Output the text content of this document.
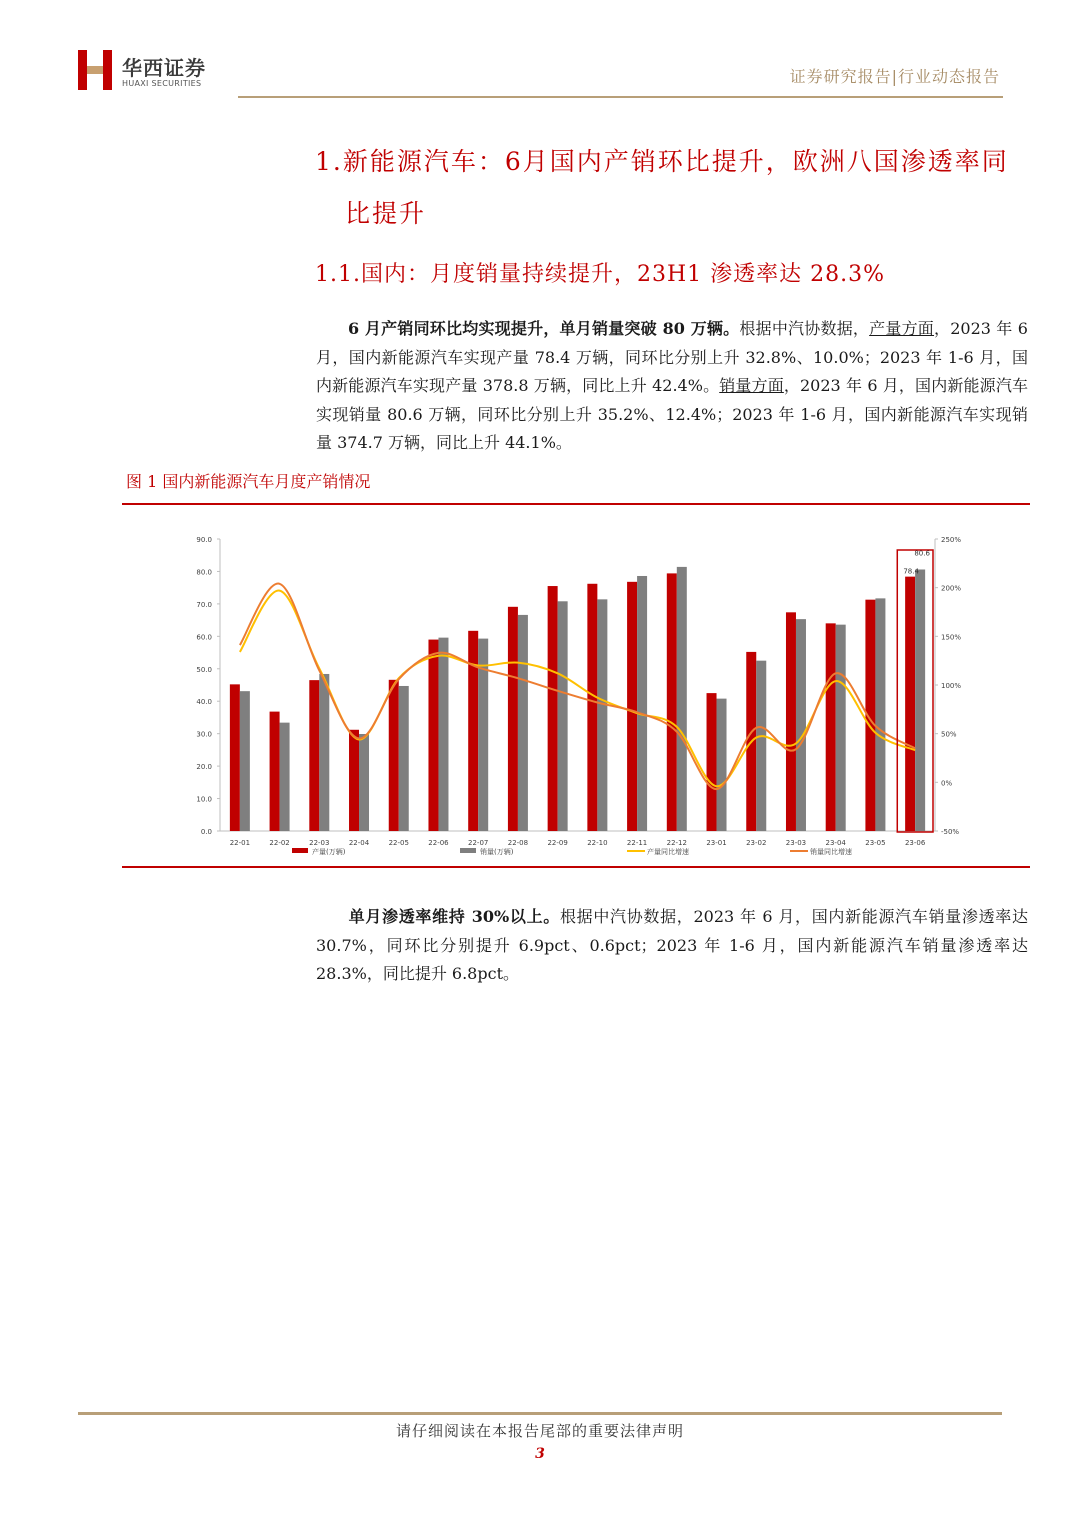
华西证券
HUAXI SECURITIES	证券研究报告|行业动态报告
1.新能源汽车：6月国内产销环比提升，欧洲八国渗透率同
比提升
1.1.国内：月度销量持续提升，23H1 渗透率达 28.3%
  6 月产销同环比均实现提升，单月销量突破 80 万辆。根据中汽协数据，产量方面，2023 年 6 月，国内新能源汽车实现产量 78.4 万辆，同环比分别上升 32.8%、10.0%；2023 年 1-6 月，国内新能源汽车实现产量 378.8 万辆，同比上升 42.4%。销量方面，2023 年 6 月，国内新能源汽车实现销量 80.6 万辆，同环比分别上升 35.2%、12.4%；2023 年 1-6 月，国内新能源汽车实现销量 374.7 万辆，同比上升 44.1%。
图 1 国内新能源汽车月度产销情况
0.0
10.0
20.0
30.0
40.0
50.0
60.0
70.0
80.0
90.0
-50%
0%
50%
100%
150%
200%
250%
78.4
80.6
22-01	22-02	22-03	22-04	22-05	22-06	22-07	22-08	22-09	22-10	22-11	22-12	23-01	23-02	23-03	23-04	23-05	23-06
产量(万辆)	销量(万辆)	产量同比增速	销量同比增速
  单月渗透率维持 30%以上。根据中汽协数据，2023 年 6 月，国内新能源汽车销量渗透率达 30.7%，同环比分别提升 6.9pct、0.6pct；2023 年 1-6 月，国内新能源汽车销量渗透率达 28.3%，同比提升 6.8pct。
请仔细阅读在本报告尾部的重要法律声明
3
